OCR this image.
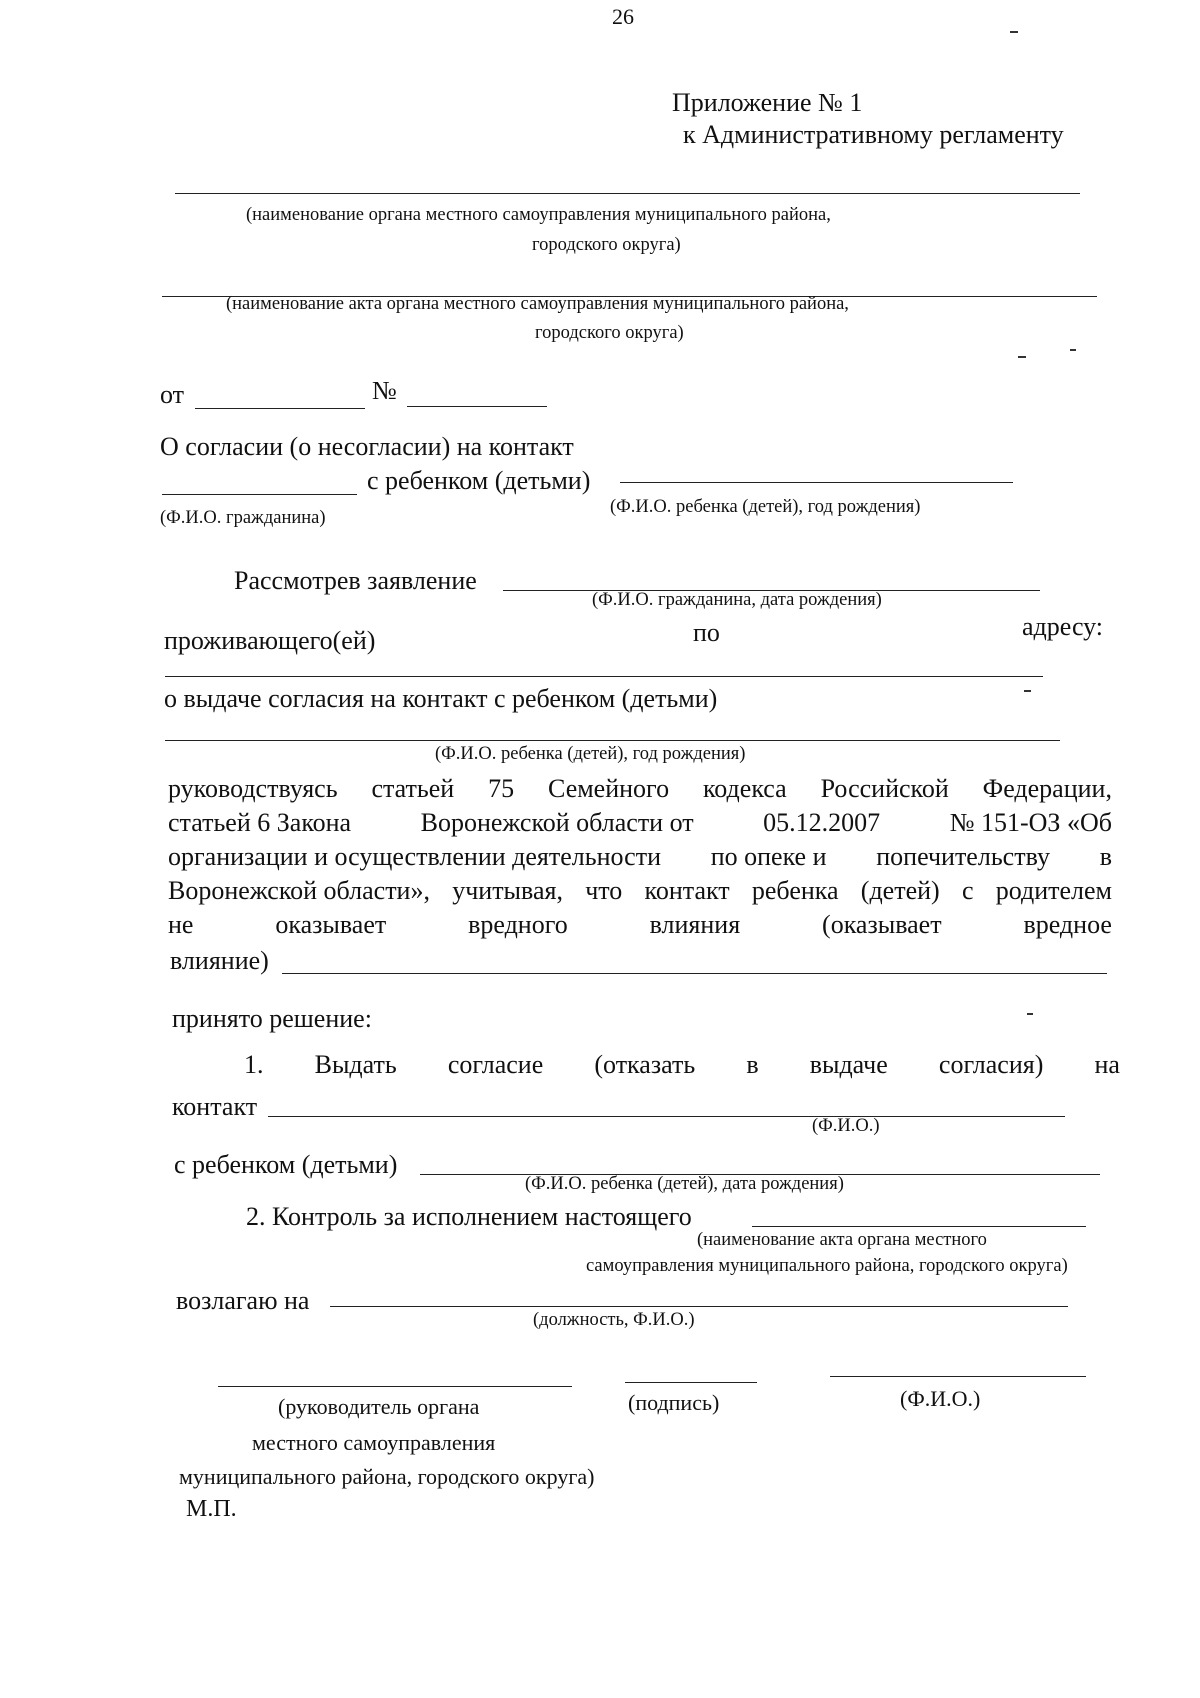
26
Приложение № 1
к Административному регламенту
(наименование органа местного самоуправления муниципального района,
городского округа)
(наименование акта органа местного самоуправления муниципального района,
городского округа)
от	№
О согласии (о несогласии) на контакт
с ребенком (детьми)
(Ф.И.О. гражданина)
(Ф.И.О. ребенка (детей), год рождения)
Рассмотрев заявление
(Ф.И.О. гражданина, дата рождения)
проживающего(ей)	по	адресу:
о выдаче согласия на контакт с ребенком (детьми)
(Ф.И.О. ребенка (детей), год рождения)
руководствуясь статьей 75 Семейного кодекса Российской Федерации,
статьей 6 Закона	Воронежской области от	05.12.2007	№ 151-ОЗ «Об
организации и осуществлении деятельности по опеке и попечительству в
Воронежской области», учитывая, что контакт ребенка (детей) с родителем
не	оказывает	вредного	влияния	(оказывает	вредное
влияние)
принято решение:
1. Выдать согласие (отказать в выдаче согласия) на
контакт
(Ф.И.О.)
с ребенком (детьми)
(Ф.И.О. ребенка (детей), дата рождения)
2. Контроль за исполнением настоящего
(наименование акта органа местного
самоуправления муниципального района, городского округа)
возлагаю на
(должность, Ф.И.О.)
(руководитель органа	(подпись)	(Ф.И.О.)
местного самоуправления
муниципального района, городского округа)
М.П.
